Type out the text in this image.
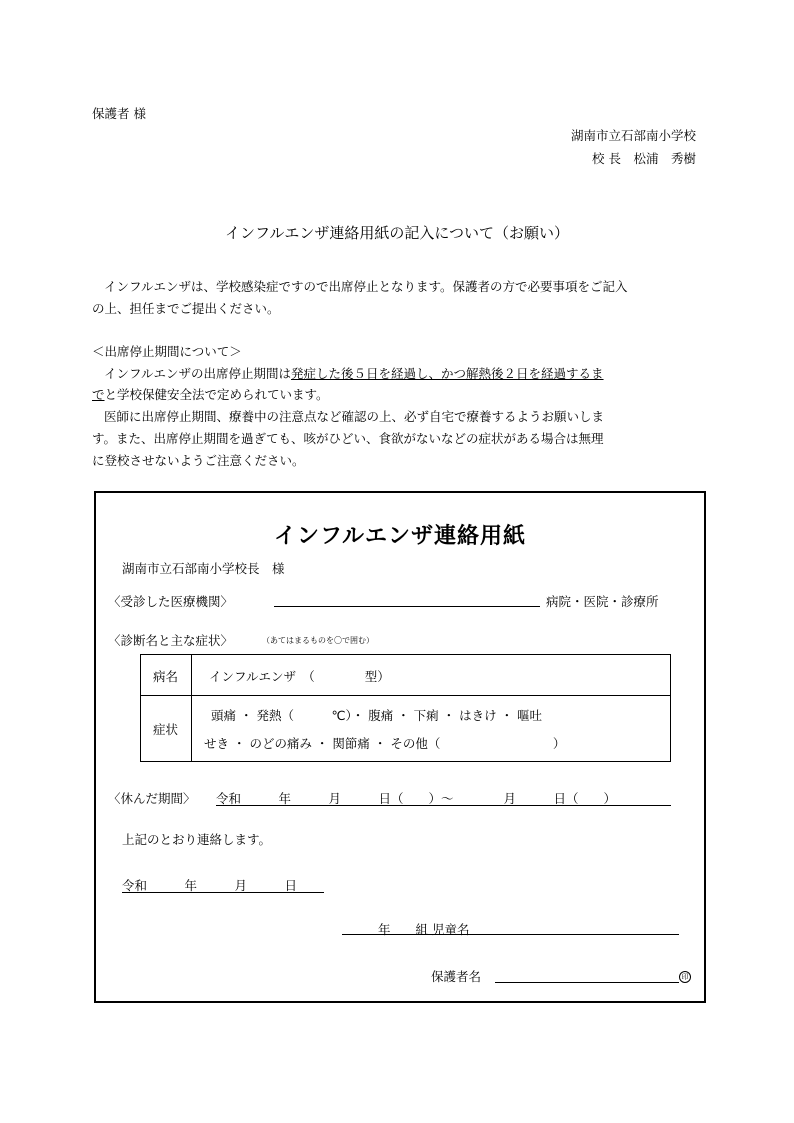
保護者 様
湖南市立石部南小学校
校 長　松浦　秀樹
インフルエンザ連絡用紙の記入について（お願い）
インフルエンザは、学校感染症ですので出席停止となります。保護者の方で必要事項をご記入
の上、担任までご提出ください。
＜出席停止期間について＞
インフルエンザの出席停止期間は発症した後５日を経過し、かつ解熱後２日を経過するま
でと学校保健安全法で定められています。
医師に出席停止期間、療養中の注意点など確認の上、必ず自宅で療養するようお願いしま
す。また、出席停止期間を過ぎても、咳がひどい、食欲がないなどの症状がある場合は無理
に登校させないようご注意ください。
インフルエンザ連絡用紙
湖南市立石部南小学校長　様
〈受診した医療機関〉	病院・医院・診療所
〈診断名と主な症状〉	（あてはまるものを〇で囲む）
病名 インフルエンザ　（　　　　型）
症状
頭痛 ・ 発熱（　　　℃）・ 腹痛 ・ 下痢 ・ はきけ ・ 嘔吐
せき ・ のどの痛み ・ 関節痛 ・ その他（　　　　　　　　　）
〈休んだ期間〉 令和　　　年　　　月　　　日（　　）～　　　　月　　　日（　　）
上記のとおり連絡します。
令和　　　年　　　月　　　日
年　　組 児童名
保護者名	印
